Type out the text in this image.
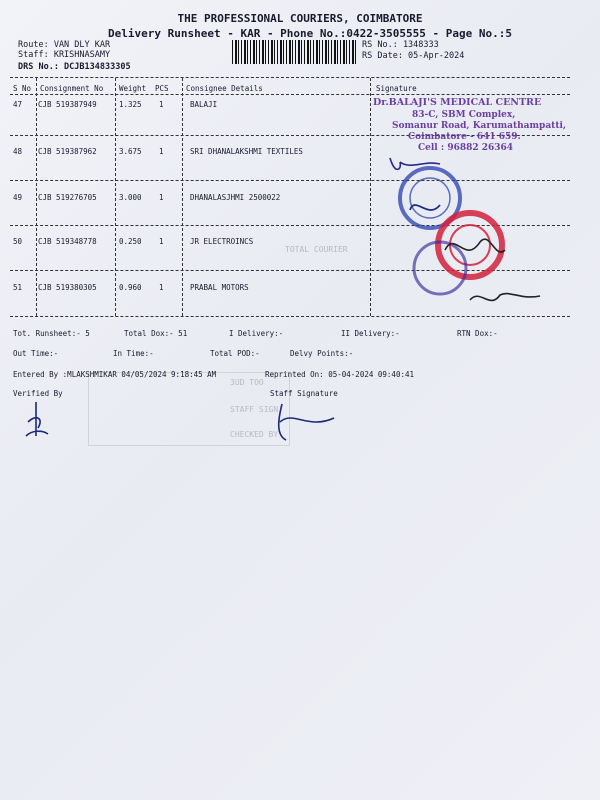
THE PROFESSIONAL COURIERS, COIMBATORE
Delivery Runsheet - KAR - Phone No.:0422-3505555 - Page No.:5
Route: VAN DLY KAR
Staff: KRISHNASAMY
DRS No.: DCJB134833305
RS No.: 1348333
RS Date: 05-Apr-2024
S No Consignment No Weight PCS Consignee Details	Signature
47 CJB 519387949	1.325 1	BALAJI
48 CJB 519387962	3.675 1	SRI DHANALAKSHMI TEXTILES
49 CJB 519276705	3.000 1	DHANALASJHMI 2500022
50 CJB 519348778	0.250 1	JR ELECTROINCS
51 CJB 519380305	0.960 1	PRABAL MOTORS
TOTAL COURIER
3UD TOO
STAFF SIGN
CHECKED BY
Dr.BALAJI'S MEDICAL CENTRE
83-C, SBM Complex,
Somanur Road, Karumathampatti,
Coimbatore - 641 659.
Cell : 96882 26364
Tot. Runsheet:- 5	Total Dox:- 51	I Delivery:-	II Delivery:-	RTN Dox:-
Out Time:-	In Time:-	Total POD:-	Delvy Points:-
Entered By :MLAKSHMIKAR 04/05/2024 9:18:45 AM	Reprinted On: 05-04-2024 09:40:41
Verified By	Staff Signature
